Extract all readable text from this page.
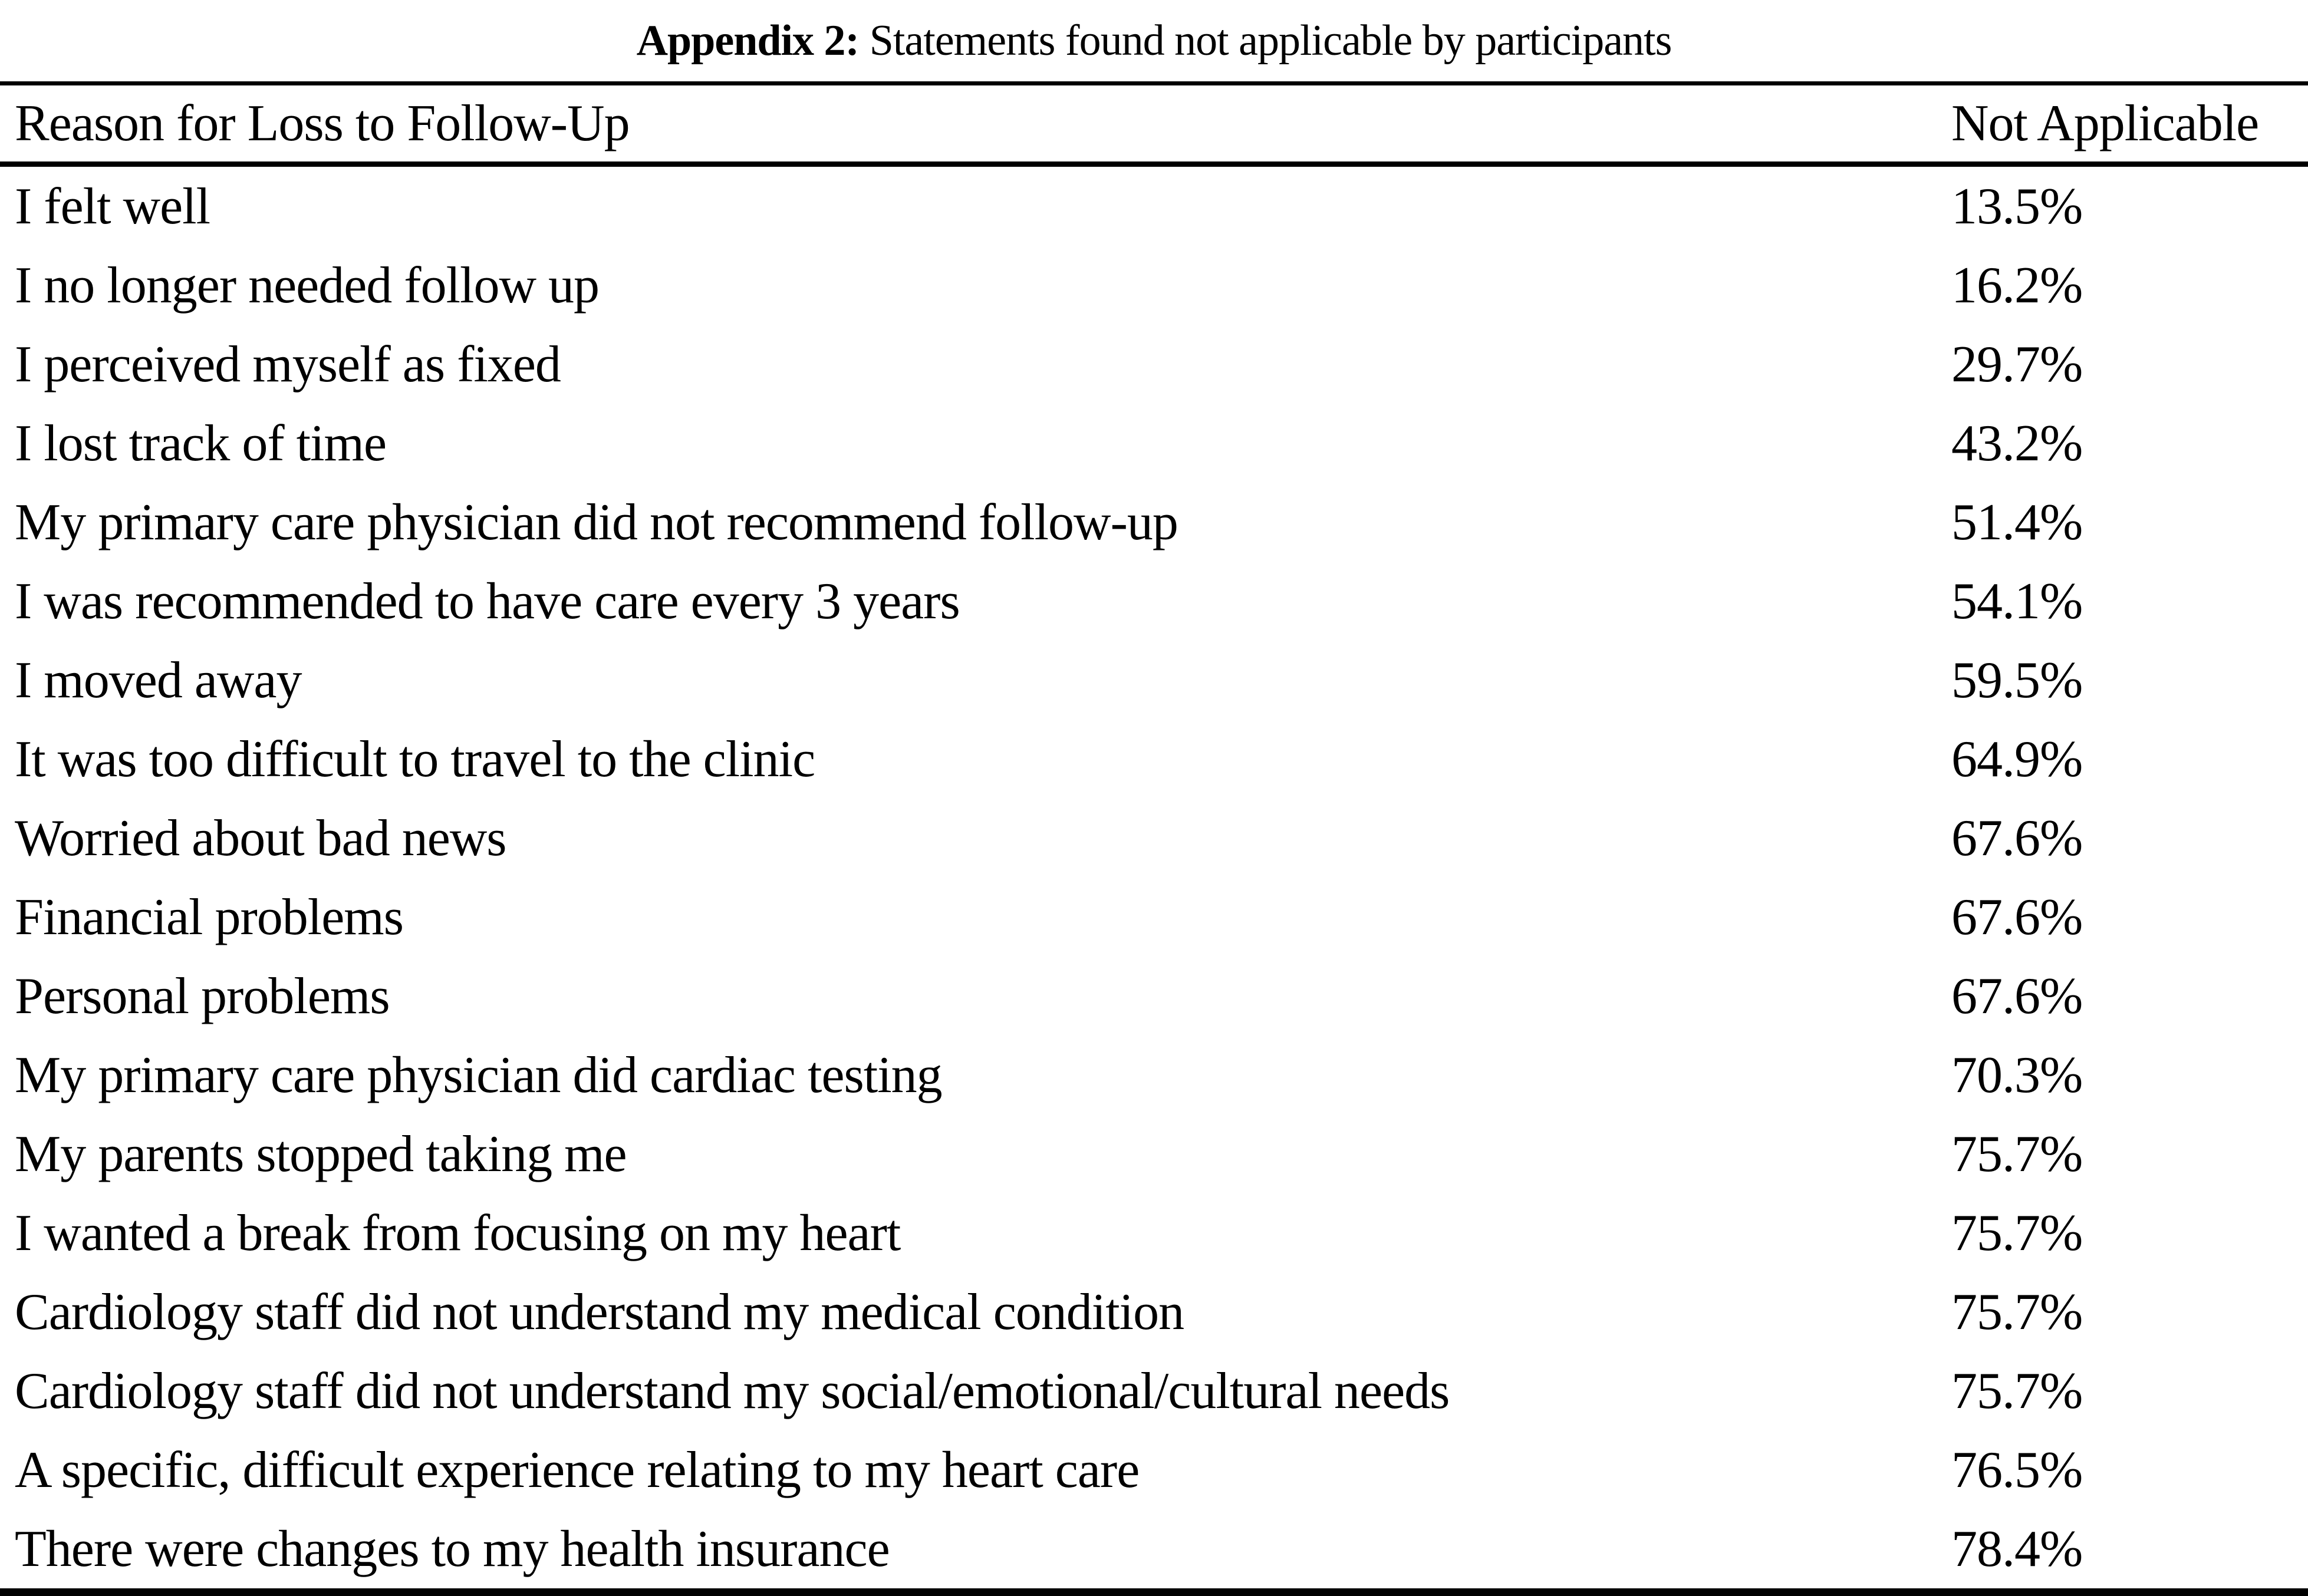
Appendix 2: Statements found not applicable by participants
Reason for Loss to Follow-Up	Not Applicable
I felt well	13.5%
I no longer needed follow up	16.2%
I perceived myself as fixed	29.7%
I lost track of time	43.2%
My primary care physician did not recommend follow-up	51.4%
I was recommended to have care every 3 years	54.1%
I moved away	59.5%
It was too difficult to travel to the clinic	64.9%
Worried about bad news	67.6%
Financial problems	67.6%
Personal problems	67.6%
My primary care physician did cardiac testing	70.3%
My parents stopped taking me	75.7%
I wanted a break from focusing on my heart	75.7%
Cardiology staff did not understand my medical condition	75.7%
Cardiology staff did not understand my social/emotional/cultural needs	75.7%
A specific, difficult experience relating to my heart care	76.5%
There were changes to my health insurance	78.4%
